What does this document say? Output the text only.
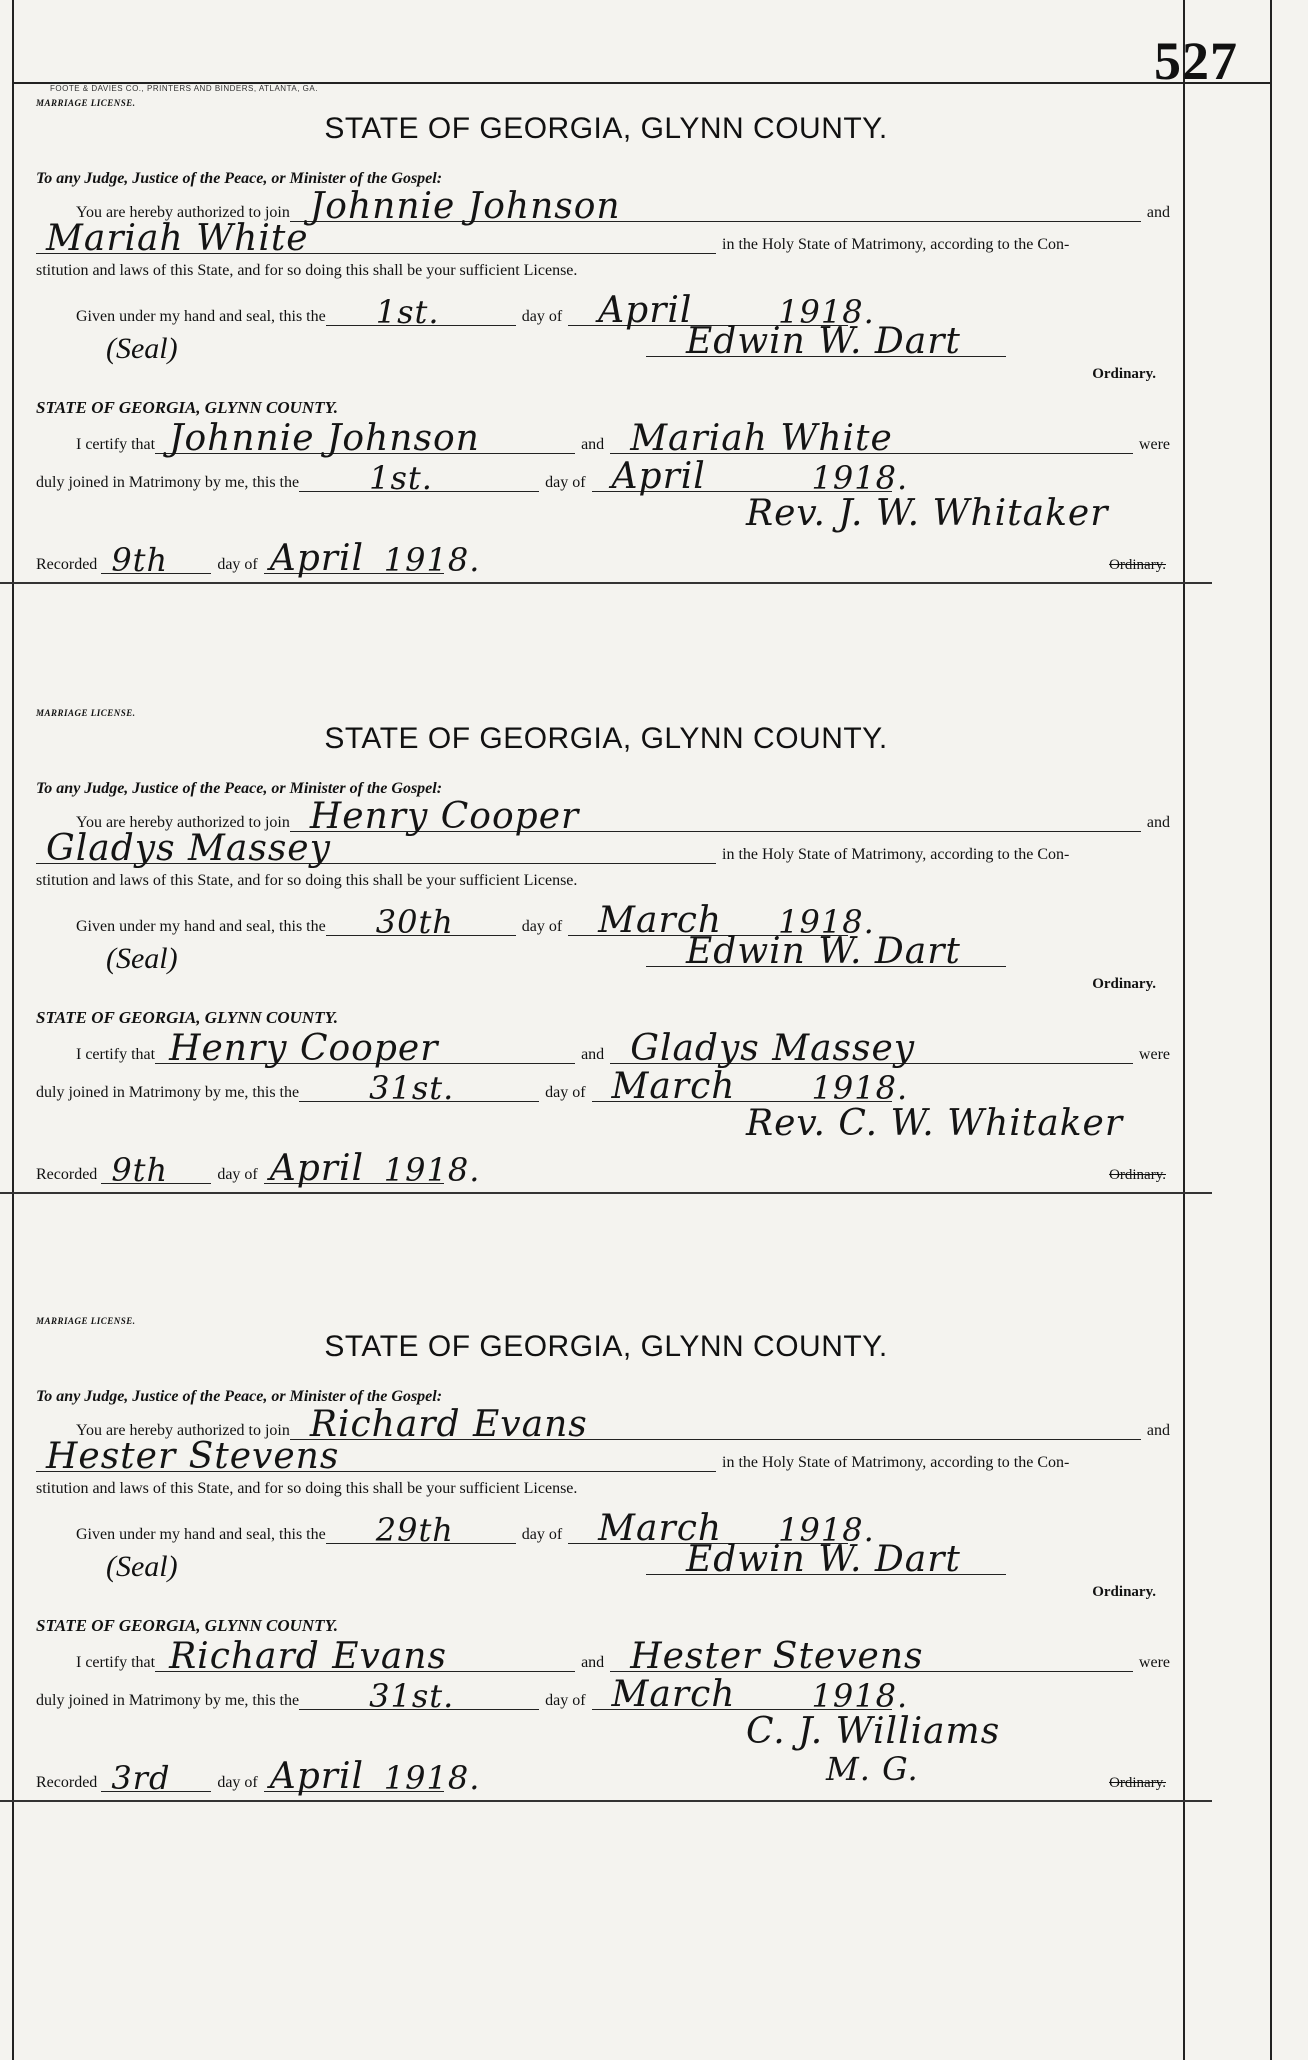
527
FOOTE & DAVIES CO., PRINTERS AND BINDERS, ATLANTA, GA.
MARRIAGE LICENSE.
STATE OF GEORGIA, GLYNN COUNTY.
To any Judge, Justice of the Peace, or Minister of the Gospel:
You are hereby authorized to join Johnnie Johnson	and
Mariah White	in the Holy State of Matrimony, according to the Con-
stitution and laws of this State, and for so doing this shall be your sufficient License.
Given under my hand and seal, this the 1st.	day of April	1918.
(Seal)	Edwin W. Dart
Ordinary.
STATE OF GEORGIA, GLYNN COUNTY.
I certify that Johnnie Johnson	and Mariah White	were
duly joined in Matrimony by me, this the 1st.	day of April	1918.
Rev. J. W. Whitaker
Recorded 9th	day of April 1918.	Ordinary.
MARRIAGE LICENSE.
STATE OF GEORGIA, GLYNN COUNTY.
To any Judge, Justice of the Peace, or Minister of the Gospel:
You are hereby authorized to join Henry Cooper	and
Gladys Massey	in the Holy State of Matrimony, according to the Con-
stitution and laws of this State, and for so doing this shall be your sufficient License.
Given under my hand and seal, this the 30th	day of March 1918.
(Seal)	Edwin W. Dart
Ordinary.
STATE OF GEORGIA, GLYNN COUNTY.
I certify that Henry Cooper	and Gladys Massey	were
duly joined in Matrimony by me, this the 31st.	day of March 1918.
Rev. C. W. Whitaker
Recorded 9th	day of April 1918.	Ordinary.
MARRIAGE LICENSE.
STATE OF GEORGIA, GLYNN COUNTY.
To any Judge, Justice of the Peace, or Minister of the Gospel:
You are hereby authorized to join Richard Evans	and
Hester Stevens	in the Holy State of Matrimony, according to the Con-
stitution and laws of this State, and for so doing this shall be your sufficient License.
Given under my hand and seal, this the 29th	day of March 1918.
(Seal)	Edwin W. Dart
Ordinary.
STATE OF GEORGIA, GLYNN COUNTY.
I certify that Richard Evans	and Hester Stevens	were
duly joined in Matrimony by me, this the 31st.	day of March 1918.
C. J. Williams
Recorded 3rd	day of April 1918.	M. G.	Ordinary.
